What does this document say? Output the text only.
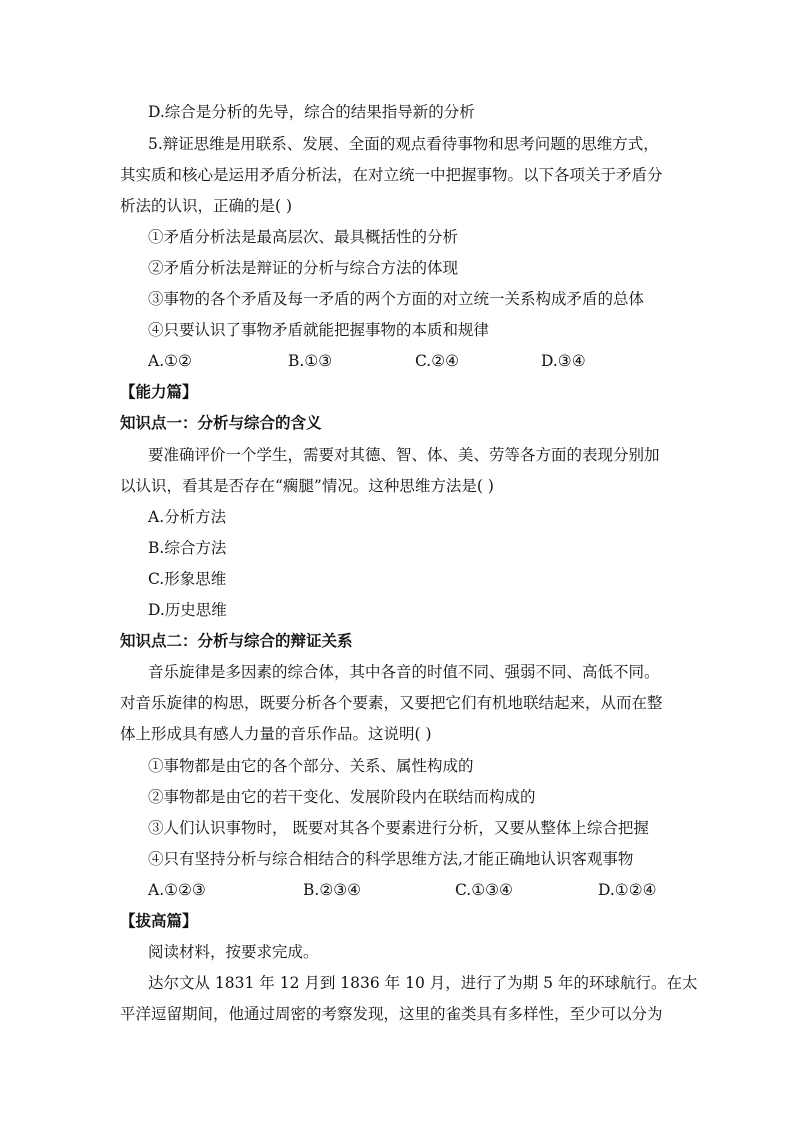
D.综合是分析的先导，综合的结果指导新的分析
5.辩证思维是用联系、发展、全面的观点看待事物和思考问题的思维方式，
其实质和核心是运用矛盾分析法，在对立统一中把握事物。以下各项关于矛盾分
析法的认识，正确的是( )
①矛盾分析法是最高层次、最具概括性的分析
②矛盾分析法是辩证的分析与综合方法的体现
③事物的各个矛盾及每一矛盾的两个方面的对立统一关系构成矛盾的总体
④只要认识了事物矛盾就能把握事物的本质和规律
A.①②	B.①③	C.②④	D.③④
【能力篇】
知识点一：分析与综合的含义
要准确评价一个学生，需要对其德、智、体、美、劳等各方面的表现分别加
以认识，看其是否存在“瘸腿”情况。这种思维方法是( )
A.分析方法
B.综合方法
C.形象思维
D.历史思维
知识点二：分析与综合的辩证关系
音乐旋律是多因素的综合体，其中各音的时值不同、强弱不同、高低不同。
对音乐旋律的构思，既要分析各个要素，又要把它们有机地联结起来，从而在整
体上形成具有感人力量的音乐作品。这说明( )
①事物都是由它的各个部分、关系、属性构成的
②事物都是由它的若干变化、发展阶段内在联结而构成的
③人们认识事物时， 既要对其各个要素进行分析，又要从整体上综合把握
④只有坚持分析与综合相结合的科学思维方法,才能正确地认识客观事物
A.①②③	B.②③④	C.①③④	D.①②④
【拔高篇】
阅读材料，按要求完成。
达尔文从 1831 年 12 月到 1836 年 10 月，进行了为期 5 年的环球航行。在太
平洋逗留期间，他通过周密的考察发现，这里的雀类具有多样性，至少可以分为
